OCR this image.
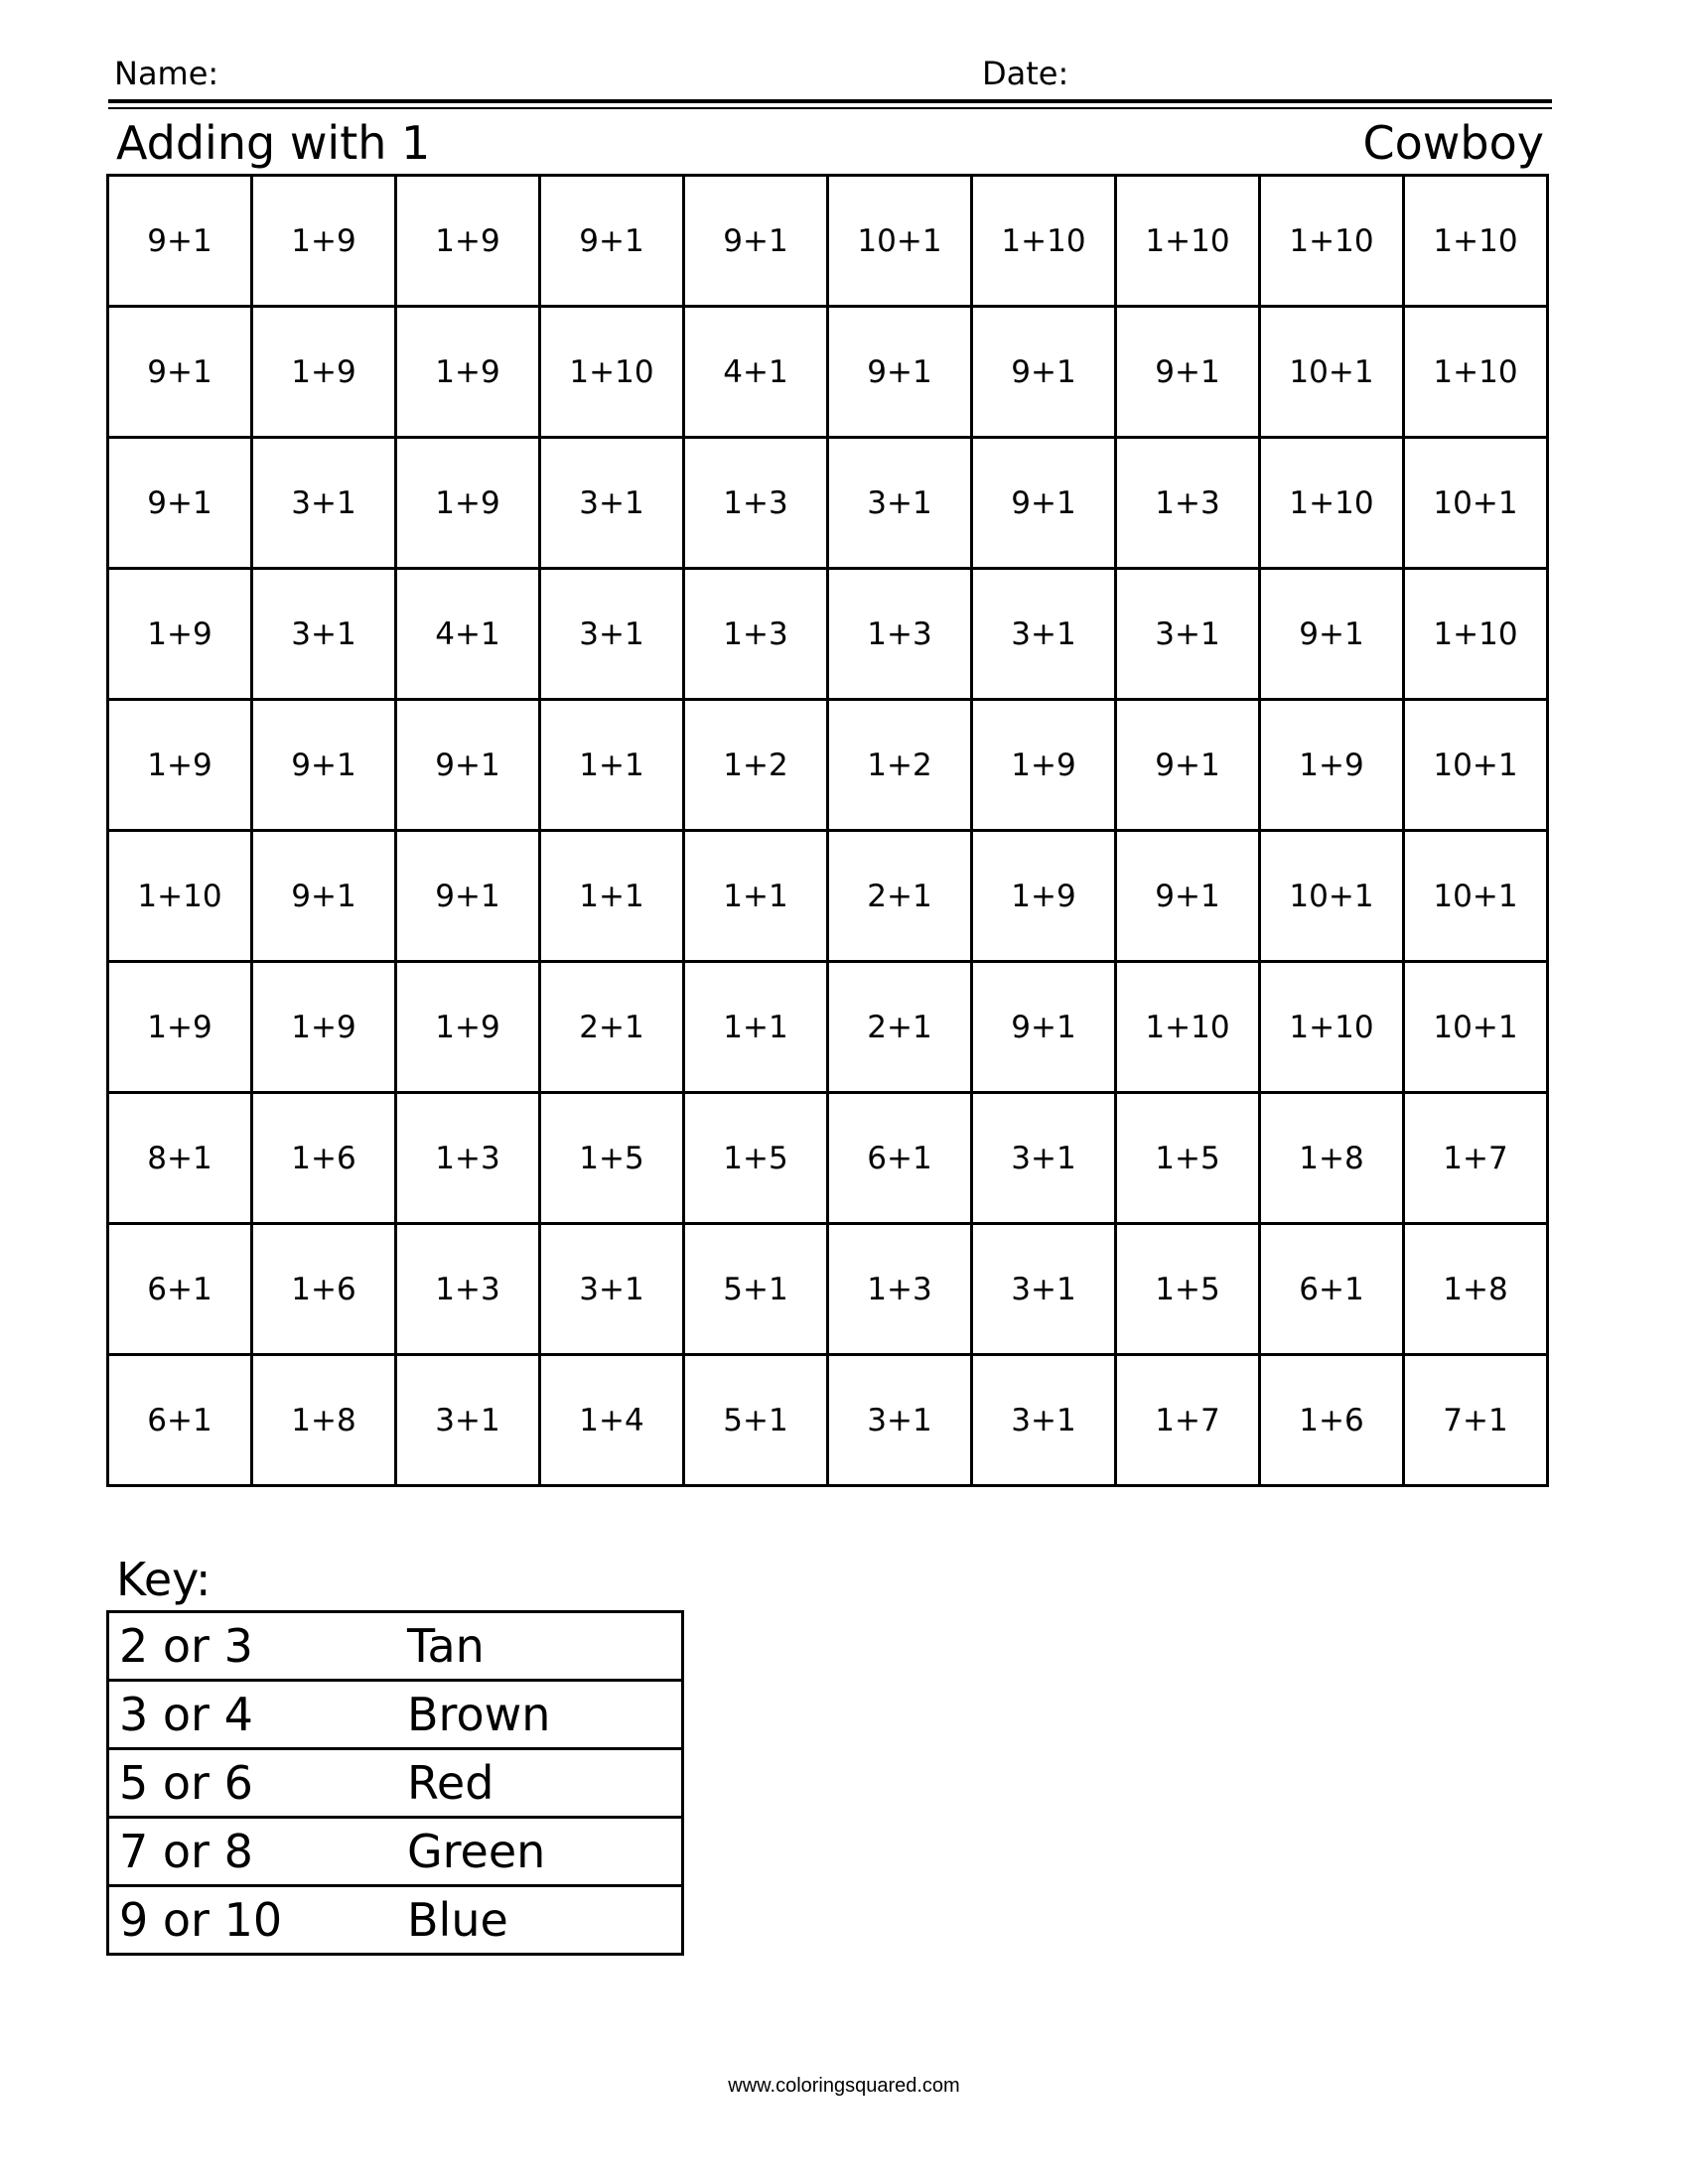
Name:	Date:
Adding with 1	Cowboy
9+1	1+9	1+9	9+1	9+1	10+1	1+10	1+10	1+10	1+10
9+1	1+9	1+9	1+10	4+1	9+1	9+1	9+1	10+1	1+10
9+1	3+1	1+9	3+1	1+3	3+1	9+1	1+3	1+10	10+1
1+9	3+1	4+1	3+1	1+3	1+3	3+1	3+1	9+1	1+10
1+9	9+1	9+1	1+1	1+2	1+2	1+9	9+1	1+9	10+1
1+10	9+1	9+1	1+1	1+1	2+1	1+9	9+1	10+1	10+1
1+9	1+9	1+9	2+1	1+1	2+1	9+1	1+10	1+10	10+1
8+1	1+6	1+3	1+5	1+5	6+1	3+1	1+5	1+8	1+7
6+1	1+6	1+3	3+1	5+1	1+3	3+1	1+5	6+1	1+8
6+1	1+8	3+1	1+4	5+1	3+1	3+1	1+7	1+6	7+1
Key:
2 or 3	Tan
3 or 4	Brown
5 or 6	Red
7 or 8	Green
9 or 10	Blue
www.coloringsquared.com
